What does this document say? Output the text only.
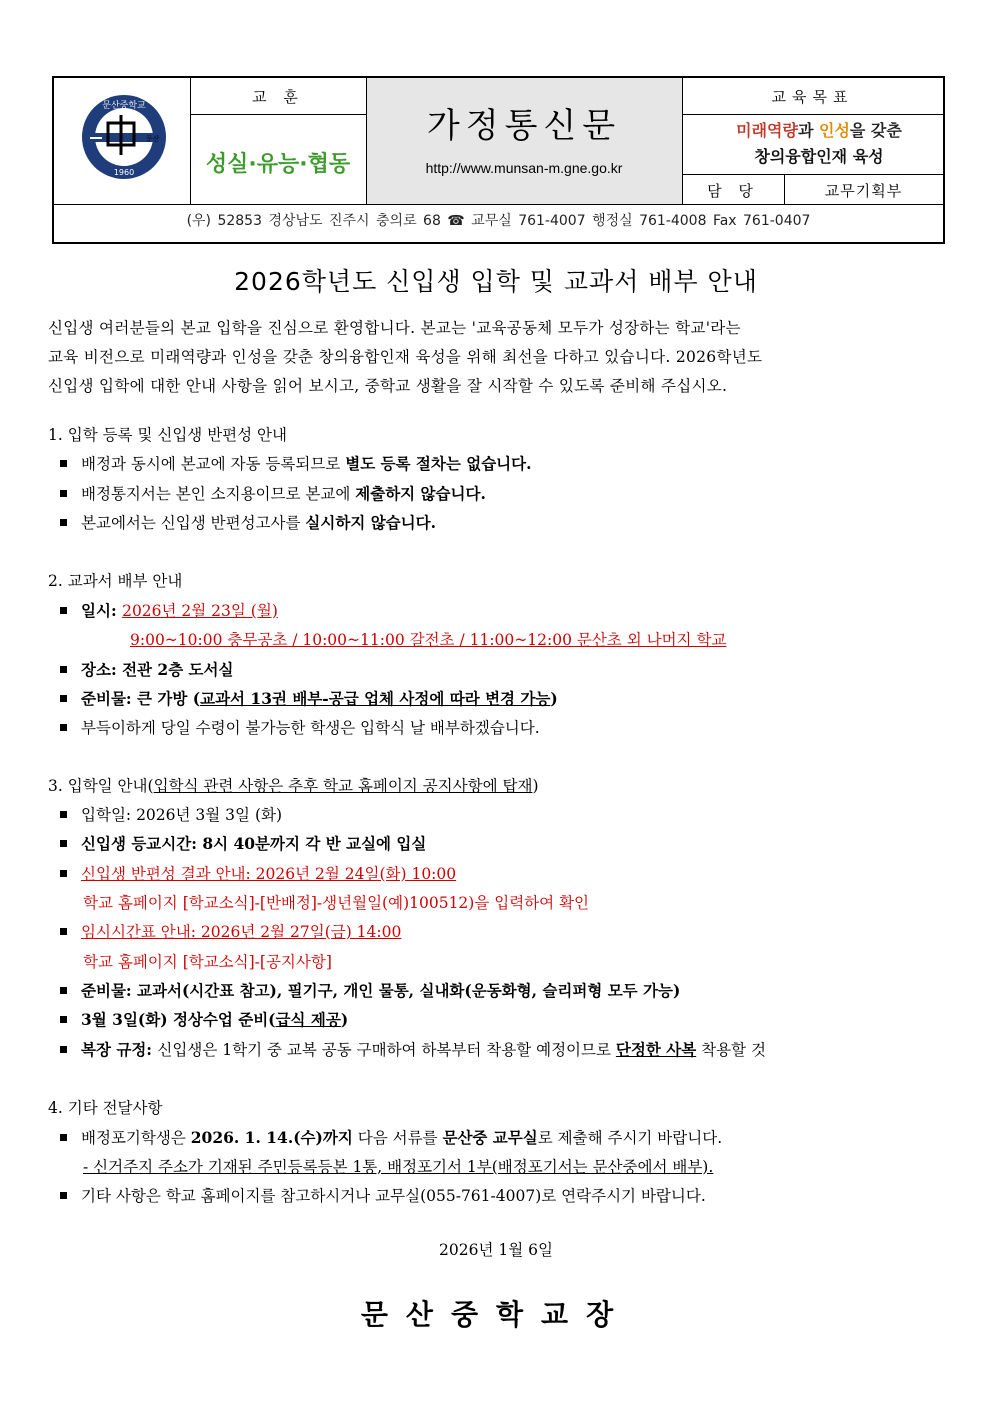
문산중학교
1960
문산
교 훈
성실·유능·협동
가정통신문
http://www.munsan-m.gne.go.kr
교육목표
미래역량과 인성을 갖춘
창의융합인재 육성
담 당	교무기획부
(우) 52853 경상남도 진주시 충의로 68 ☎ 교무실 761-4007 행정실 761-4008 Fax 761-0407
2026학년도 신입생 입학 및 교과서 배부 안내
신입생 여러분들의 본교 입학을 진심으로 환영합니다. 본교는 '교육공동체 모두가 성장하는 학교'라는
교육 비전으로 미래역량과 인성을 갖춘 창의융합인재 육성을 위해 최선을 다하고 있습니다. 2026학년도
신입생 입학에 대한 안내 사항을 읽어 보시고, 중학교 생활을 잘 시작할 수 있도록 준비해 주십시오.
1. 입학 등록 및 신입생 반편성 안내
배정과 동시에 본교에 자동 등록되므로 별도 등록 절차는 없습니다.
배정통지서는 본인 소지용이므로 본교에 제출하지 않습니다.
본교에서는 신입생 반편성고사를 실시하지 않습니다.
2. 교과서 배부 안내
일시: 2026년 2월 23일 (월)
9:00~10:00 충무공초 / 10:00~11:00 갈전초 / 11:00~12:00 문산초 외 나머지 학교
장소: 전관 2층 도서실
준비물: 큰 가방 (교과서 13권 배부-공급 업체 사정에 따라 변경 가능)
부득이하게 당일 수령이 불가능한 학생은 입학식 날 배부하겠습니다.
3. 입학일 안내(입학식 관련 사항은 추후 학교 홈페이지 공지사항에 탑재)
입학일: 2026년 3월 3일 (화)
신입생 등교시간: 8시 40분까지 각 반 교실에 입실
신입생 반편성 결과 안내: 2026년 2월 24일(화) 10:00
학교 홈페이지 [학교소식]-[반배정]-생년월일(예)100512)을 입력하여 확인
임시시간표 안내: 2026년 2월 27일(금) 14:00
학교 홈페이지 [학교소식]-[공지사항]
준비물: 교과서(시간표 참고), 필기구, 개인 물통, 실내화(운동화형, 슬리퍼형 모두 가능)
3월 3일(화) 정상수업 준비(급식 제공)
복장 규정: 신입생은 1학기 중 교복 공동 구매하여 하복부터 착용할 예정이므로 단정한 사복 착용할 것
4. 기타 전달사항
배정포기학생은 2026. 1. 14.(수)까지 다음 서류를 문산중 교무실로 제출해 주시기 바랍니다.
- 신거주지 주소가 기재된 주민등록등본 1통, 배정포기서 1부(배정포기서는 문산중에서 배부).
기타 사항은 학교 홈페이지를 참고하시거나 교무실(055-761-4007)로 연락주시기 바랍니다.
2026년 1월 6일
문산중학교장
